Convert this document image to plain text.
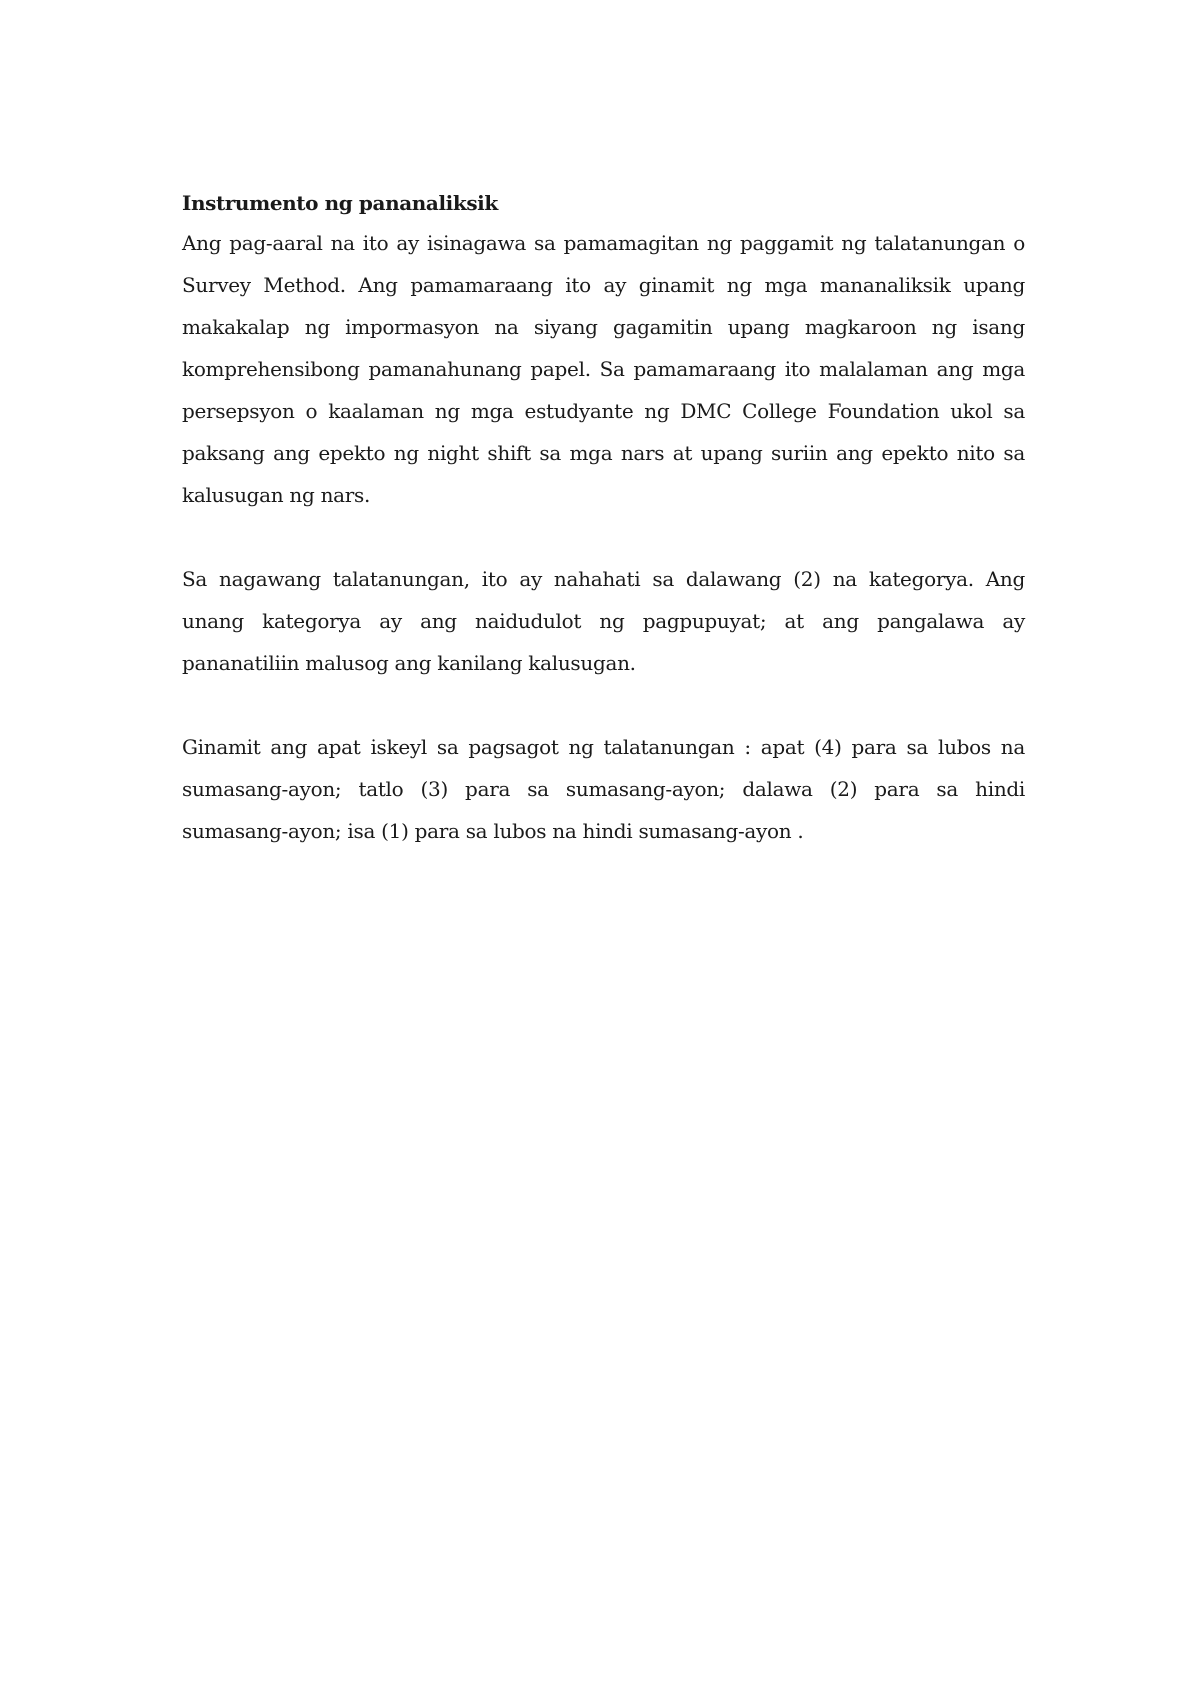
Instrumento ng pananaliksik

Ang pag-aaral na ito ay isinagawa sa pamamagitan ng paggamit ng talatanungan o Survey Method. Ang pamamaraang ito ay ginamit ng mga mananaliksik upang makakalap ng impormasyon na siyang gagamitin upang magkaroon ng isang komprehensibong pamanahunang papel. Sa pamamaraang ito malalaman ang mga persepsyon o kaalaman ng mga estudyante ng DMC College Foundation ukol sa paksang ang epekto ng night shift sa mga nars at upang suriin ang epekto nito sa kalusugan ng nars.

Sa nagawang talatanungan, ito ay nahahati sa dalawang (2) na kategorya. Ang unang kategorya ay ang naidudulot ng pagpupuyat; at ang pangalawa ay pananatiliin malusog ang kanilang kalusugan.

Ginamit ang apat iskeyl sa pagsagot ng talatanungan : apat (4) para sa lubos na sumasang-ayon; tatlo (3) para sa sumasang-ayon; dalawa (2) para sa hindi sumasang-ayon; isa (1) para sa lubos na hindi sumasang-ayon .
